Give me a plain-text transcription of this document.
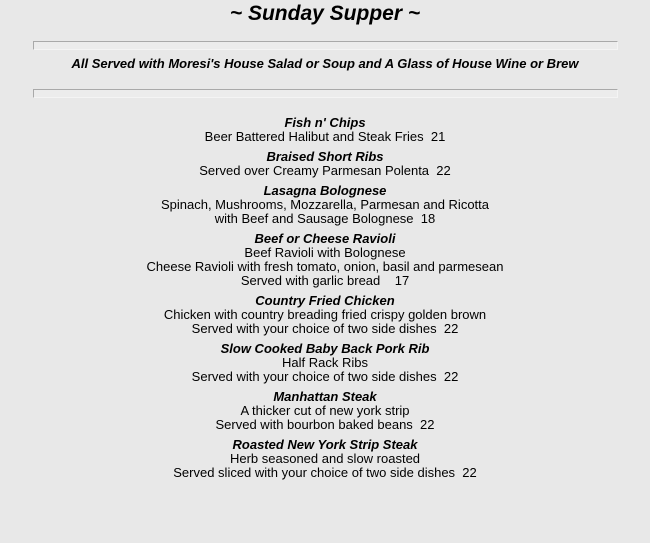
~ Sunday Supper ~
All Served with Moresi's House Salad or Soup and A Glass of House Wine or Brew
Fish n' Chips
Beer Battered Halibut and Steak Fries  21
Braised Short Ribs
Served over Creamy Parmesan Polenta  22
Lasagna Bolognese
Spinach, Mushrooms, Mozzarella, Parmesan and Ricotta
with Beef and Sausage Bolognese  18
Beef or Cheese Ravioli
Beef Ravioli with Bolognese
Cheese Ravioli with fresh tomato, onion, basil and parmesean
Served with garlic bread    17
Country Fried Chicken
Chicken with country breading fried crispy golden brown
Served with your choice of two side dishes  22
Slow Cooked Baby Back Pork Rib
Half Rack Ribs
Served with your choice of two side dishes  22
Manhattan Steak
A thicker cut of new york strip
Served with bourbon baked beans  22
Roasted New York Strip Steak
Herb seasoned and slow roasted
Served sliced with your choice of two side dishes  22
